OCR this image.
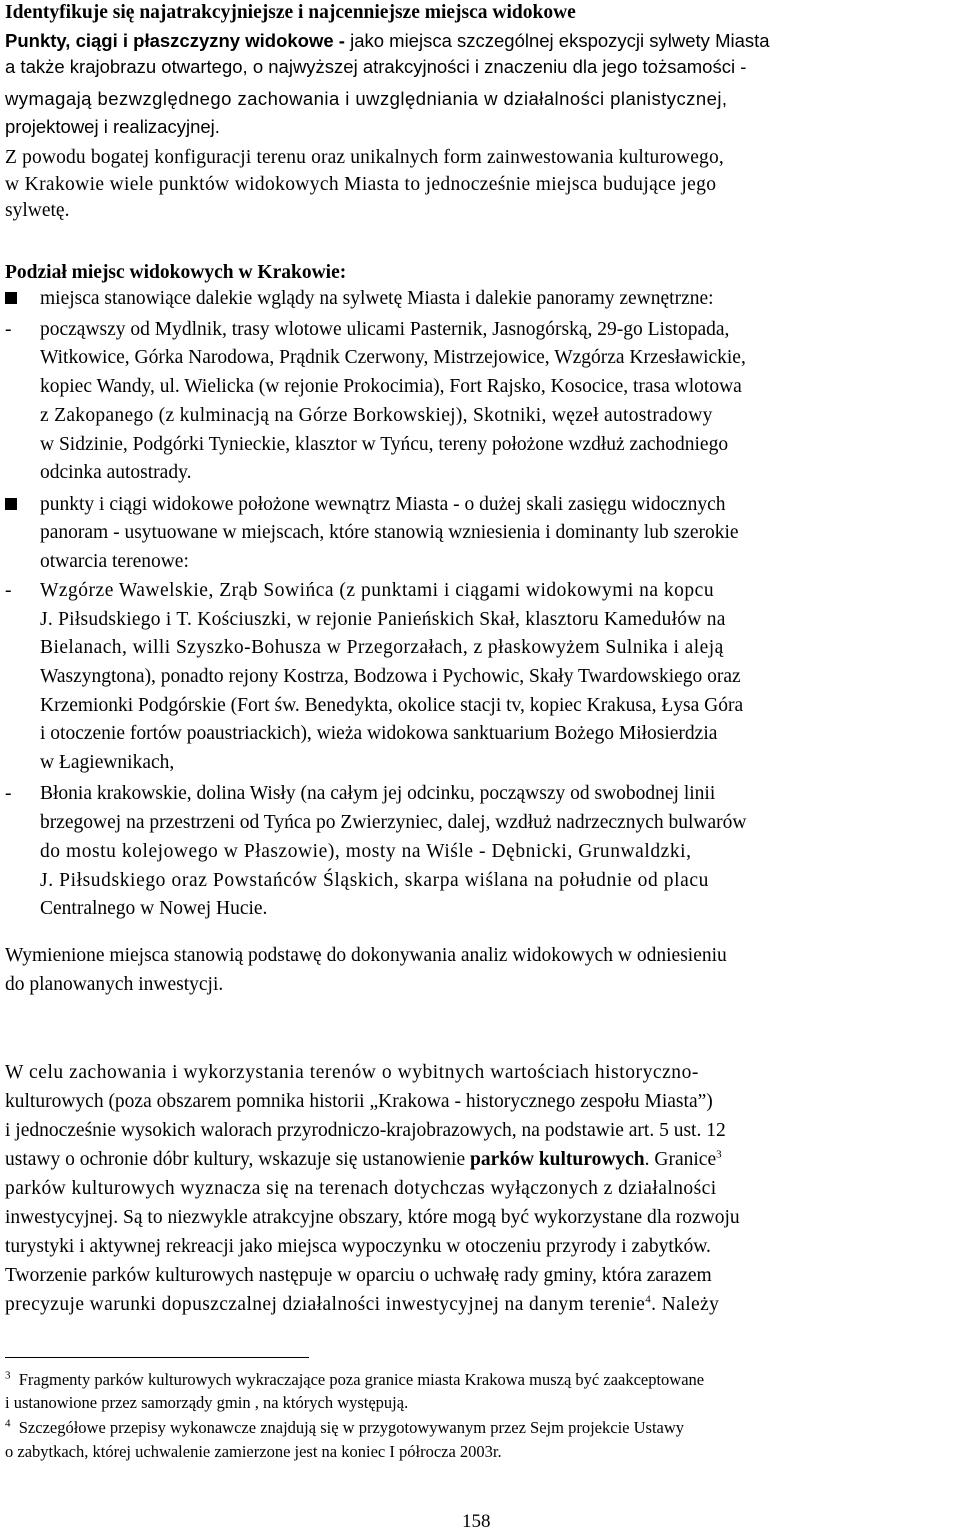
Identyfikuje się najatrakcyjniejsze i najcenniejsze miejsca widokowe
Punkty, ciągi i płaszczyzny widokowe - jako miejsca szczególnej ekspozycji sylwety Miasta
a także krajobrazu otwartego, o najwyższej atrakcyjności i znaczeniu dla jego tożsamości -
wymagają bezwzględnego zachowania i uwzględniania w działalności planistycznej,
projektowej i realizacyjnej.
Z powodu bogatej konfiguracji terenu oraz unikalnych form zainwestowania kulturowego,
w Krakowie wiele punktów widokowych Miasta to jednocześnie miejsca budujące jego
sylwetę.
Podział miejsc widokowych w Krakowie:
miejsca stanowiące dalekie wglądy na sylwetę Miasta i dalekie panoramy zewnętrzne:
- począwszy od Mydlnik, trasy wlotowe ulicami Pasternik, Jasnogórską, 29-go Listopada,
Witkowice, Górka Narodowa, Prądnik Czerwony, Mistrzejowice, Wzgórza Krzesławickie,
kopiec Wandy, ul. Wielicka (w rejonie Prokocimia), Fort Rajsko, Kosocice, trasa wlotowa
z Zakopanego (z kulminacją na Górze Borkowskiej), Skotniki, węzeł autostradowy
w Sidzinie, Podgórki Tynieckie, klasztor w Tyńcu, tereny położone wzdłuż zachodniego
odcinka autostrady.
punkty i ciągi widokowe położone wewnątrz Miasta - o dużej skali zasięgu widocznych
panoram - usytuowane w miejscach, które stanowią wzniesienia i dominanty lub szerokie
otwarcia terenowe:
- Wzgórze Wawelskie, Zrąb Sowińca (z punktami i ciągami widokowymi na kopcu
J. Piłsudskiego i T. Kościuszki, w rejonie Panieńskich Skał, klasztoru Kamedułów na
Bielanach, willi Szyszko-Bohusza w Przegorzałach, z płaskowyżem Sulnika i aleją
Waszyngtona), ponadto rejony Kostrza, Bodzowa i Pychowic, Skały Twardowskiego oraz
Krzemionki Podgórskie (Fort św. Benedykta, okolice stacji tv, kopiec Krakusa, Łysa Góra
i otoczenie fortów poaustriackich), wieża widokowa sanktuarium Bożego Miłosierdzia
w Łagiewnikach,
- Błonia krakowskie, dolina Wisły (na całym jej odcinku, począwszy od swobodnej linii
brzegowej na przestrzeni od Tyńca po Zwierzyniec, dalej, wzdłuż nadrzecznych bulwarów
do mostu kolejowego w Płaszowie), mosty na Wiśle - Dębnicki, Grunwaldzki,
J. Piłsudskiego oraz Powstańców Śląskich, skarpa wiślana na południe od placu
Centralnego w Nowej Hucie.
Wymienione miejsca stanowią podstawę do dokonywania analiz widokowych w odniesieniu
do planowanych inwestycji.
W celu zachowania i wykorzystania terenów o wybitnych wartościach historyczno-
kulturowych (poza obszarem pomnika historii „Krakowa - historycznego zespołu Miasta”)
i jednocześnie wysokich walorach przyrodniczo-krajobrazowych, na podstawie art. 5 ust. 12
ustawy o ochronie dóbr kultury, wskazuje się ustanowienie parków kulturowych. Granice$^3$
parków kulturowych wyznacza się na terenach dotychczas wyłączonych z działalności
inwestycyjnej. Są to niezwykle atrakcyjne obszary, które mogą być wykorzystane dla rozwoju
turystyki i aktywnej rekreacji jako miejsca wypoczynku w otoczeniu przyrody i zabytków.
Tworzenie parków kulturowych następuje w oparciu o uchwałę rady gminy, która zarazem
precyzuje warunki dopuszczalnej działalności inwestycyjnej na danym terenie$^4$. Należy
$^3$ Fragmenty parków kulturowych wykraczające poza granice miasta Krakowa muszą być zaakceptowane
i ustanowione przez samorządy gmin , na których występują.
$^4$ Szczegółowe przepisy wykonawcze znajdują się w przygotowywanym przez Sejm projekcie Ustawy
o zabytkach, której uchwalenie zamierzone jest na koniec I półrocza 2003r.
158
